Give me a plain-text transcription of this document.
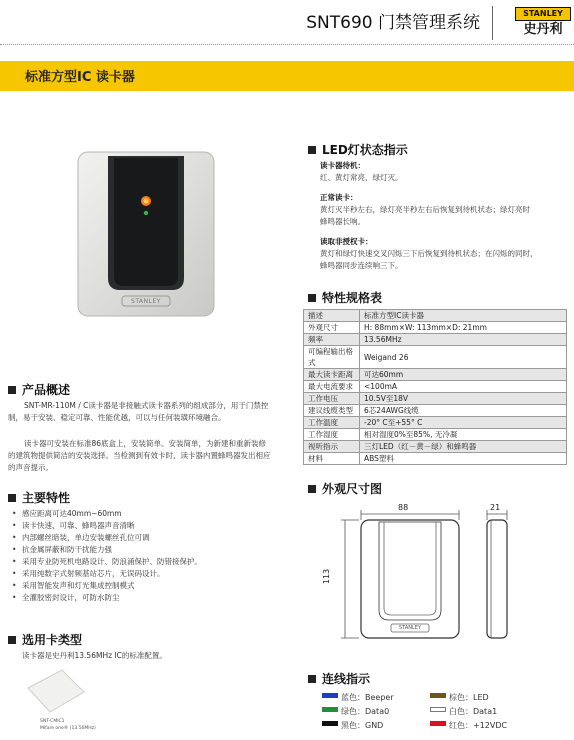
SNT690 门禁管理系统	STANLEY
史丹利
标准方型IC 读卡器
STANLEY
产品概述
SNT-MR-110M / C读卡器是非接触式读卡器系列的组成部分，用于门禁控制，易于安装、稳定可靠、性能优越，可以与任何装璜环境融合。
读卡器可安装在标准86底盒上，安装简单。安装简单，为新建和重新装修的建筑物提供简洁的安装选择。当检测到有效卡时，读卡器内置蜂鸣器发出相应的声音提示。
主要特性
• 感应距离可达40mm~60mm
• 读卡快速、可靠、蜂鸣器声音清晰
• 内部螺丝暗装，单边安装螺丝孔位可调
• 抗金属屏蔽和防干扰能力强
• 采用专业防死机电路设计、防浪涌保护、防错接保护。
• 采用纯数字式射频基站芯片，无误码设计。
• 采用智能发声和灯光集成控制模式
• 全灌胶密封设计，可防水防尘
选用卡类型
读卡器是史丹利13.56MHz IC的标准配置。
SNT-CMIC1
Mifare one® (13.56MHz)
LED灯状态指示
读卡器待机：
红、黄灯常亮，绿灯灭。
正常读卡：
黄灯灭半秒左右，绿灯亮半秒左右后恢复到待机状态；绿灯亮时
蜂鸣器长响。
读取非授权卡：
黄灯和绿灯快速交叉闪烁三下后恢复到待机状态；在闪烁的同时，
蜂鸣器同步连续响三下。
特性规格表
描述	标准方型IC读卡器
外观尺寸	H: 88mm×W: 113mm×D: 21mm
频率	13.56MHz
可编程输出格式	Weigand 26
最大读卡距离	可达60mm
最大电流要求	<100mA
工作电压	10.5V至18V
建议线缆类型	6芯24AWG线缆
工作温度	-20° C至+55° C
工作湿度	相对湿度0%至85%, 无冷凝
视听指示	三灯LED（红－黄－绿）和蜂鸣器
材料	ABS塑料
外观尺寸图
88	21
113
STANLEY
连线指示
蓝色：Beeper	棕色：LED
绿色：Data0	白色：Data1
黑色：GND	红色：+12VDC
